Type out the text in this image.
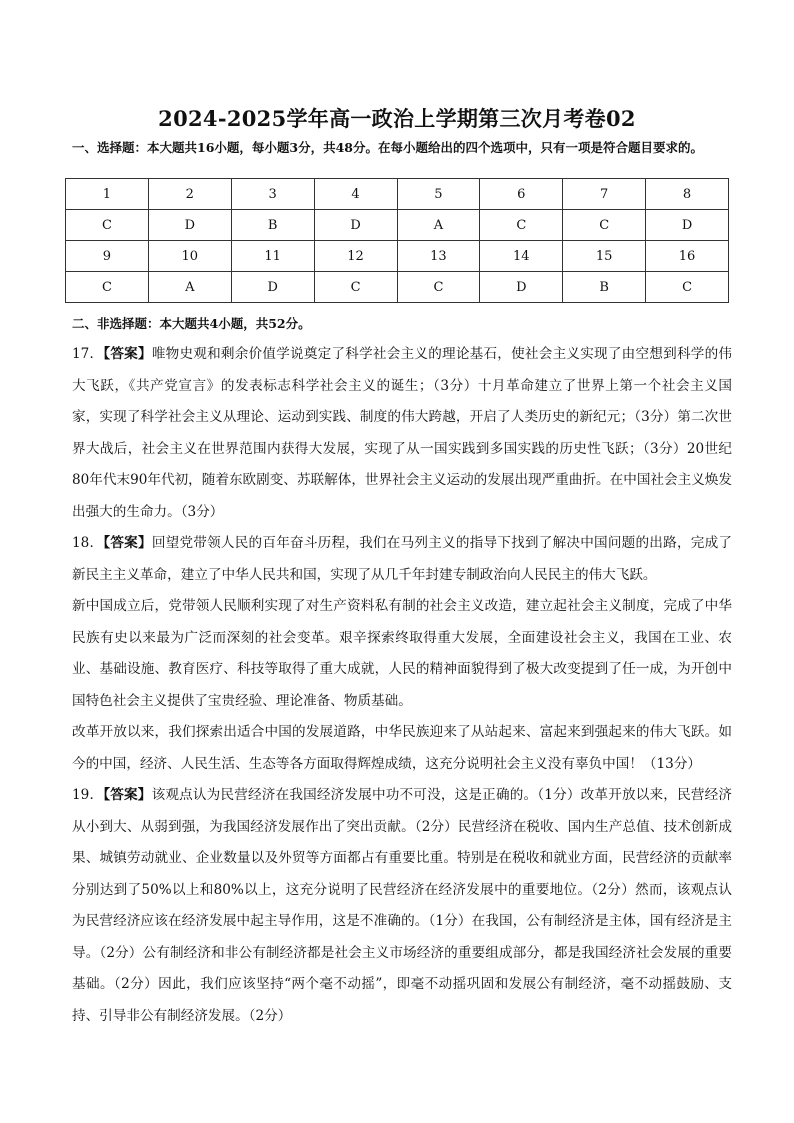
2024-2025学年高一政治上学期第三次月考卷02
一、选择题：本大题共16小题，每小题3分，共48分。在每小题给出的四个选项中，只有一项是符合题目要求的。
1	2	3	4	5	6	7	8
C	D	B	D	A	C	C	D
9	10	11	12	13	14	15	16
C	A	D	C	C	D	B	C
二、非选择题：本大题共4小题，共52分。

17．【答案】唯物史观和剩余价值学说奠定了科学社会主义的理论基石，使社会主义实现了由空想到科学的伟大飞跃，《共产党宣言》的发表标志科学社会主义的诞生；（3分）十月革命建立了世界上第一个社会主义国家，实现了科学社会主义从理论、运动到实践、制度的伟大跨越，开启了人类历史的新纪元；（3分）第二次世界大战后，社会主义在世界范围内获得大发展，实现了从一国实践到多国实践的历史性飞跃；（3分）20世纪80年代末90年代初，随着东欧剧变、苏联解体，世界社会主义运动的发展出现严重曲折。在中国社会主义焕发出强大的生命力。（3分）

18．【答案】回望党带领人民的百年奋斗历程，我们在马列主义的指导下找到了解决中国问题的出路，完成了新民主主义革命，建立了中华人民共和国，实现了从几千年封建专制政治向人民民主的伟大飞跃。

新中国成立后，党带领人民顺利实现了对生产资料私有制的社会主义改造，建立起社会主义制度，完成了中华民族有史以来最为广泛而深刻的社会变革。艰辛探索终取得重大发展，全面建设社会主义，我国在工业、农业、基础设施、教育医疗、科技等取得了重大成就，人民的精神面貌得到了极大改变提到了任一成，为开创中国特色社会主义提供了宝贵经验、理论准备、物质基础。

改革开放以来，我们探索出适合中国的发展道路，中华民族迎来了从站起来、富起来到强起来的伟大飞跃。如今的中国，经济、人民生活、生态等各方面取得辉煌成绩，这充分说明社会主义没有辜负中国！（13分）

19．【答案】该观点认为民营经济在我国经济发展中功不可没，这是正确的。（1分）改革开放以来，民营经济从小到大、从弱到强，为我国经济发展作出了突出贡献。（2分）民营经济在税收、国内生产总值、技术创新成果、城镇劳动就业、企业数量以及外贸等方面都占有重要比重。特别是在税收和就业方面，民营经济的贡献率分别达到了50%以上和80%以上，这充分说明了民营经济在经济发展中的重要地位。（2分）然而，该观点认为民营经济应该在经济发展中起主导作用，这是不准确的。（1分）在我国，公有制经济是主体，国有经济是主导。（2分）公有制经济和非公有制经济都是社会主义市场经济的重要组成部分，都是我国经济社会发展的重要基础。（2分）因此，我们应该坚持“两个毫不动摇”，即毫不动摇巩固和发展公有制经济，毫不动摇鼓励、支持、引导非公有制经济发展。（2分）
